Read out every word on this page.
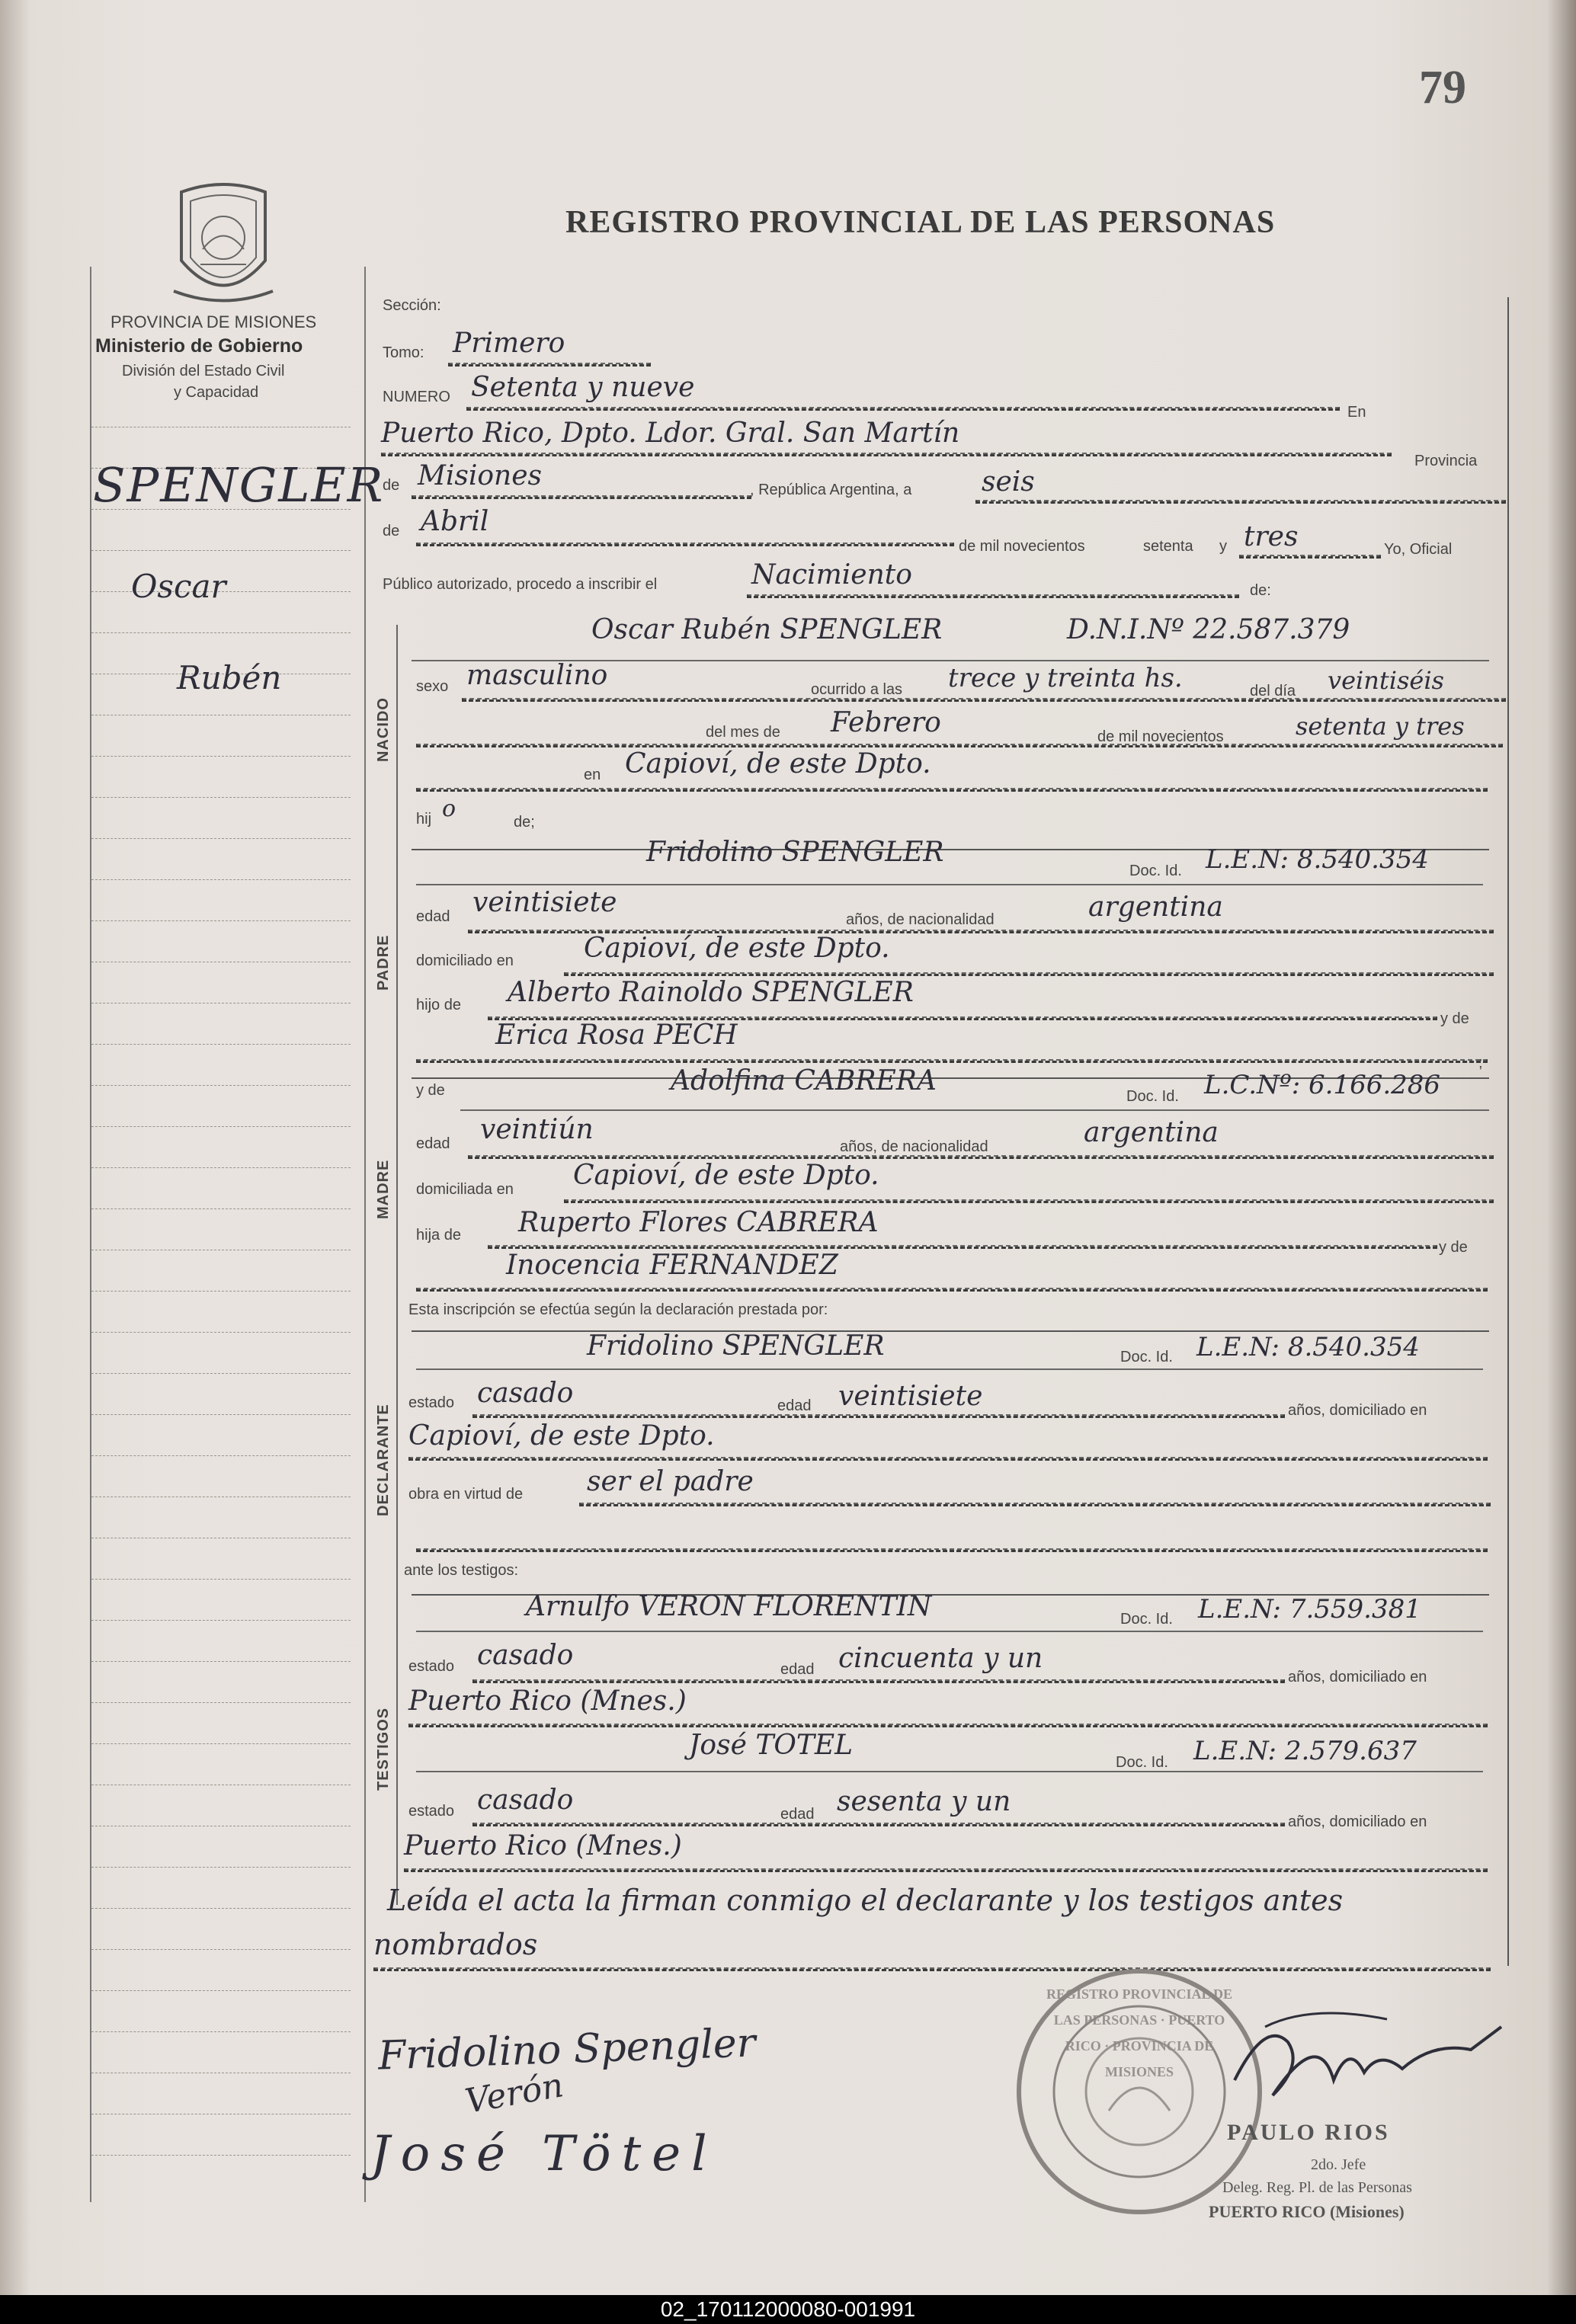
79
PROVINCIA DE MISIONES
Ministerio de Gobierno
División del Estado Civil
y Capacidad
REGISTRO PROVINCIAL DE LAS PERSONAS
SPENGLER
Oscar
Rubén
Sección:
Tomo: Primero
NUMERO Setenta y nueve
En
Puerto Rico, Dpto. Ldor. Gral. San Martín
Provincia
de Misiones	, República Argentina, a	seis
de Abril
de mil novecientos	setenta y tres	Yo, Oficial
Público autorizado, procedo a inscribir el	Nacimiento	de:
NACIDO
Oscar Rubén SPENGLER	D.N.I.Nº 22.587.379
sexo masculino	ocurrido a las trece y treinta hs.	del día veintiséis
del mes de Febrero	de mil novecientos	setenta y tres
en Capioví, de este Dpto.
hij o	de;
PADRE
Fridolino SPENGLER
Doc. Id. L.E.N: 8.540.354
edad veintisiete
años, de nacionalidad	argentina
domiciliado en	Capioví, de este Dpto.
hijo de Alberto Rainoldo SPENGLER
y de
Erica Rosa PECH
;
MADRE
y de	Adolfina CABRERA	Doc. Id. L.C.Nº: 6.166.286
edad veintiún
años, de nacionalidad	argentina
domiciliada en Capioví, de este Dpto.
hija de Ruperto Flores CABRERA
y de
Inocencia FERNANDEZ
Esta inscripción se efectúa según la declaración prestada por:
DECLARANTE
Fridolino SPENGLER	Doc. Id. L.E.N: 8.540.354
estado casado	edad veintisiete	años, domiciliado en
Capioví, de este Dpto.
obra en virtud de ser el padre
ante los testigos:
TESTIGOS
Arnulfo VERON FLORENTIN	Doc. Id. L.E.N: 7.559.381
estado casado	edad cincuenta y un
años, domiciliado en
Puerto Rico (Mnes.)
José TOTEL
Doc. Id. L.E.N: 2.579.637
estado casado	edad sesenta y un
años, domiciliado en
Puerto Rico (Mnes.)
Leída el acta la firman conmigo el declarante y los testigos antes
nombrados
Fridolino Spengler
José Tötel
Verón
REGISTRO PROVINCIAL DE LAS PERSONAS · PUERTO RICO · PROVINCIA DE MISIONES
PAULO RIOS
2do. Jefe
Deleg. Reg. Pl. de las Personas
PUERTO RICO (Misiones)
02_170112000080-001991
